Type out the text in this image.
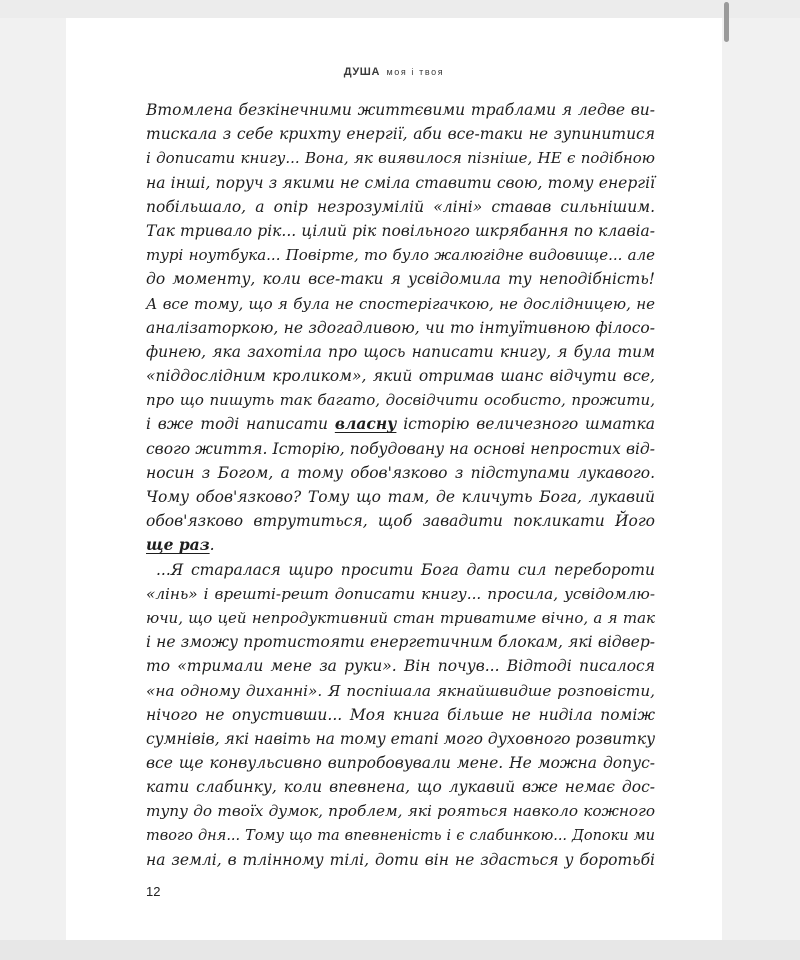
ДУША моя і твоя
Втомлена безкінечними життєвими траблами я ледве ви-
тискала з себе крихту енергії, аби все-таки не зупинитися
і дописати книгу... Вона, як виявилося пізніше, НЕ є подібною
на інші, поруч з якими не сміла ставити свою, тому енергії
побільшало, а опір незрозумілій «ліні» ставав сильнішим.
Так тривало рік... цілий рік повільного шкрябання по клавіа-
турі ноутбука... Повірте, то було жалюгідне видовище... але
до моменту, коли все-таки я усвідомила ту неподібність!
А все тому, що я була не спостерігачкою, не дослідницею, не
аналізаторкою, не здогадливою, чи то інтуїтивною філосо-
финею, яка захотіла про щось написати книгу, я була тим
«піддослідним кроликом», який отримав шанс відчути все,
про що пишуть так багато, досвідчити особисто, прожити,
і вже тоді написати власну історію величезного шматка
свого життя. Історію, побудовану на основі непростих від-
носин з Богом, а тому обов'язково з підступами лукавого.
Чому обов'язково? Тому що там, де кличуть Бога, лукавий
обов'язково втрутиться, щоб завадити покликати Його
ще раз.
...Я старалася щиро просити Бога дати сил перебороти
«лінь» і врешті-решт дописати книгу... просила, усвідомлю-
ючи, що цей непродуктивний стан триватиме вічно, а я так
і не зможу протистояти енергетичним блокам, які відвер-
то «тримали мене за руки». Він почув... Відтоді писалося
«на одному диханні». Я поспішала якнайшвидше розповісти,
нічого не опустивши... Моя книга більше не ниділа поміж
сумнівів, які навіть на тому етапі мого духовного розвитку
все ще конвульсивно випробовували мене. Не можна допус-
кати слабинку, коли впевнена, що лукавий вже немає дос-
тупу до твоїх думок, проблем, які рояться навколо кожного
твого дня... Тому що та впевненість і є слабинкою... Допоки ми
на землі, в тлінному тілі, доти він не здасться у боротьбі
12
